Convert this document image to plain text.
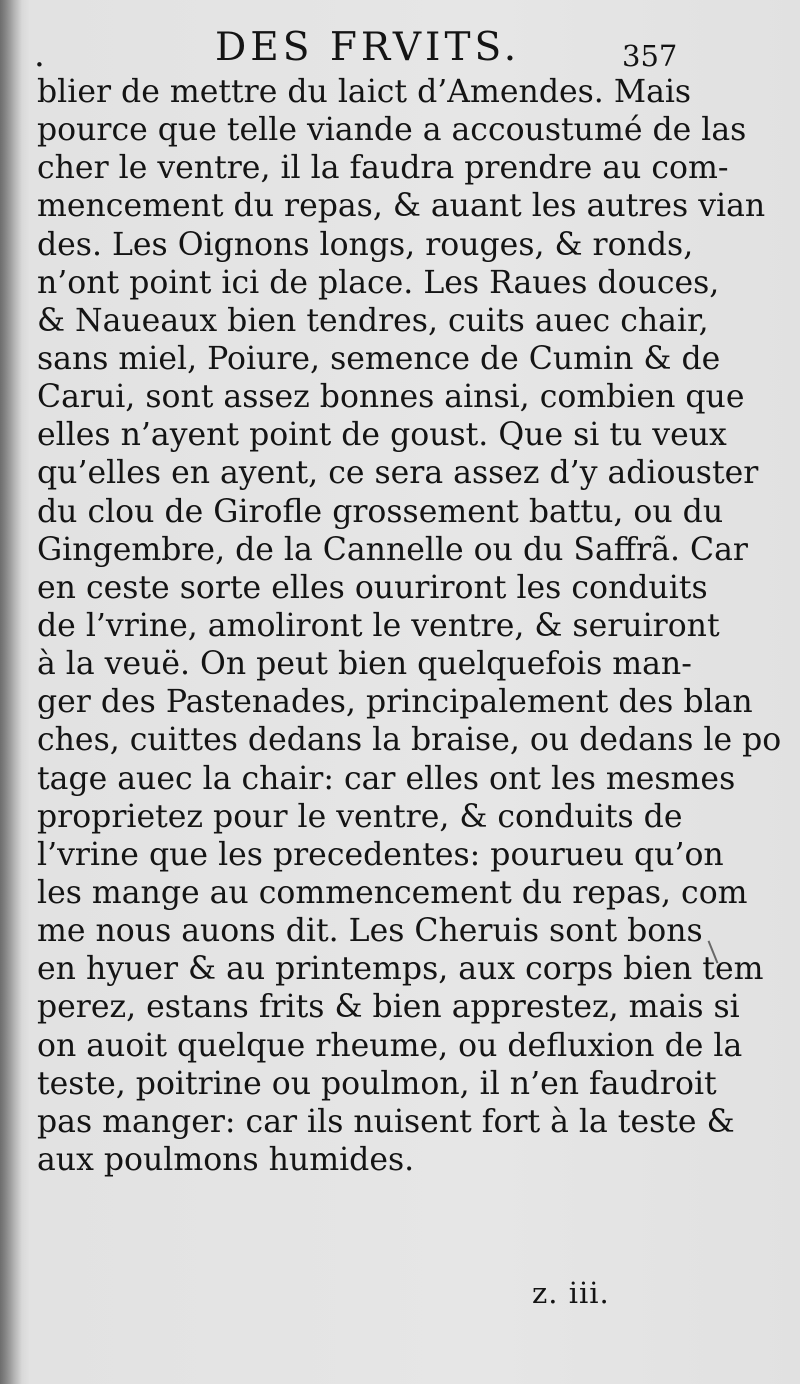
.	DES FRVITS.	357
blier de mettre du laict d’Amendes. Mais
pource que telle viande a accoustumé de las
cher le ventre, il la faudra prendre au com-
mencement du repas, & auant les autres vian
des. Les Oignons longs, rouges, & ronds,
n’ont point ici de place. Les Raues douces,
& Naueaux bien tendres, cuits auec chair,
sans miel, Poiure, semence de Cumin & de
Carui, sont assez bonnes ainsi, combien que
elles n’ayent point de goust. Que si tu veux
qu’elles en ayent, ce sera assez d’y adiouster
du clou de Girofle grossement battu, ou du
Gingembre, de la Cannelle ou du Saffrã. Car
en ceste sorte elles ouuriront les conduits
de l’vrine, amoliront le ventre, & seruiront
à la veuë. On peut bien quelquefois man-
ger des Pastenades, principalement des blan
ches, cuittes dedans la braise, ou dedans le po
tage auec la chair: car elles ont les mesmes
proprietez pour le ventre, & conduits de
l’vrine que les precedentes: pourueu qu’on
les mange au commencement du repas, com
me nous auons dit. Les Cheruis sont bons
en hyuer & au printemps, aux corps bien tem
perez, estans frits & bien apprestez, mais si
on auoit quelque rheume, ou defluxion de la
teste, poitrine ou poulmon, il n’en faudroit
pas manger: car ils nuisent fort à la teste &
aux poulmons humides.
z. iii.
